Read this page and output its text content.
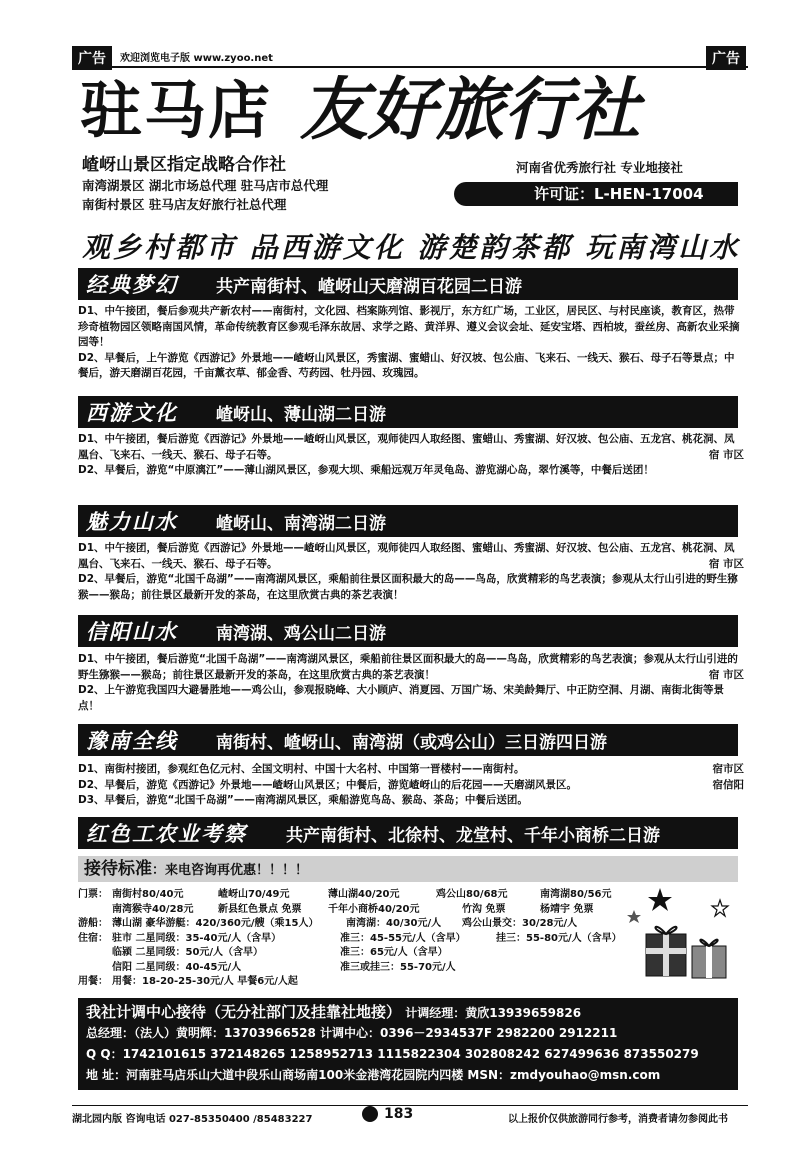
广告	欢迎浏览电子版 www.zyoo.net	广告
驻马店 友好旅行社
嵖岈山景区指定战略合作社
南湾湖景区 湖北市场总代理 驻马店市总代理
南街村景区 驻马店友好旅行社总代理
河南省优秀旅行社 专业地接社
许可证：L-HEN-17004
观乡村都市 品西游文化 游楚韵茶都 玩南湾山水
经典梦幻	共产南街村、嵖岈山天磨湖百花园二日游

D1、中午接团，餐后参观共产新农村——南街村，文化园、档案陈列馆、影视厅，东方红广场，工业区，居民区、与村民座谈，教育区，热带珍奇植物园区领略南国风情，革命传统教育区参观毛泽东故居、求学之路、黄洋界、遵义会议会址、延安宝塔、西柏坡，蚕丝房、高新农业采摘园等！

D2、早餐后，上午游览《西游记》外景地——嵖岈山风景区，秀蜜湖、蜜蜡山、好汉坡、包公庙、飞来石、一线天、猴石、母子石等景点；中餐后，游天磨湖百花园，千亩薰衣草、郁金香、芍药园、牡丹园、玫瑰园。

西游文化	嵖岈山、薄山湖二日游

D1、中午接团，餐后游览《西游记》外景地——嵖岈山风景区，观师徒四人取经图、蜜蜡山、秀蜜湖、好汉坡、包公庙、五龙宫、桃花洞、凤凰台、飞来石、一线天、猴石、母子石等。	宿 市区

D2、早餐后，游览“中原漓江”——薄山湖风景区，参观大坝、乘船远观万年灵龟岛、游览湖心岛，翠竹溪等，中餐后送团！

魅力山水	嵖岈山、南湾湖二日游

D1、中午接团，餐后游览《西游记》外景地——嵖岈山风景区，观师徒四人取经图、蜜蜡山、秀蜜湖、好汉坡、包公庙、五龙宫、桃花洞、凤凰台、飞来石、一线天、猴石、母子石等。	宿 市区

D2、早餐后，游览“北国千岛湖”——南湾湖风景区，乘船前往景区面积最大的岛——鸟岛，欣赏精彩的鸟艺表演；参观从太行山引进的野生猕猴——猴岛；前往景区最新开发的茶岛，在这里欣赏古典的茶艺表演！

信阳山水	南湾湖、鸡公山二日游

D1、中午接团，餐后游览“北国千岛湖”——南湾湖风景区，乘船前往景区面积最大的岛——鸟岛，欣赏精彩的鸟艺表演；参观从太行山引进的野生猕猴——猴岛；前往景区最新开发的茶岛，在这里欣赏古典的茶艺表演！	宿 市区

D2、上午游览我国四大避暑胜地——鸡公山，参观报晓峰、大小顾庐、消夏园、万国广场、宋美龄舞厅、中正防空洞、月湖、南街北街等景点！

豫南全线	南街村、嵖岈山、南湾湖（或鸡公山）三日游四日游

D1、南街村接团，参观红色亿元村、全国文明村、中国十大名村、中国第一晋楼村——南街村。	宿市区

D2、早餐后，游览《西游记》外景地——嵖岈山风景区；中餐后，游览嵖岈山的后花园——天磨湖风景区。	宿信阳

D3、早餐后，游览“北国千岛湖”——南湾湖风景区，乘船游览鸟岛、猴岛、茶岛；中餐后送团。

红色工农业考察	共产南街村、北徐村、龙堂村、千年小商桥二日游
接待标准：来电咨询再优惠！！！！
门票： 南街村80/40元	嵖岈山70/49元	薄山湖40/20元	鸡公山80/68元	南湾湖80/56元
南湾猴寺40/28元 新县红色景点 免票	千年小商桥40/20元	竹沟 免票	杨靖宇 免票
游船： 薄山湖 豪华游艇：420/360元/艘（乘15人）	南湾湖：40/30元/人 鸡公山景交：30/28元/人
住宿： 驻市 二星同级：35-40元/人（含早）	准三：45-55元/人（含早）	挂三：55-80元/人（含早）
临颍 二星同级：50元/人（含早）	准三：65元/人（含早）
信阳 二星同级：40-45元/人	准三或挂三：55-70元/人
用餐： 用餐：18-20-25-30元/人 早餐6元/人起
我社计调中心接待（无分社部门及挂靠社地接） 计调经理：黄欣13939659826
总经理：（法人）黄明辉：13703966528 计调中心：0396－2934537F 2982200 2912211
Q Q：1742101615 372148265 1258952713 1115822304 302808242 627499636 873550279
地 址：河南驻马店乐山大道中段乐山商场南100米金港湾花园院内四楼 MSN：zmdyouhao@msn.com
湖北园内版 咨询电话 027-85350400 /85483227	183	以上报价仅供旅游同行参考，消费者请勿参阅此书
